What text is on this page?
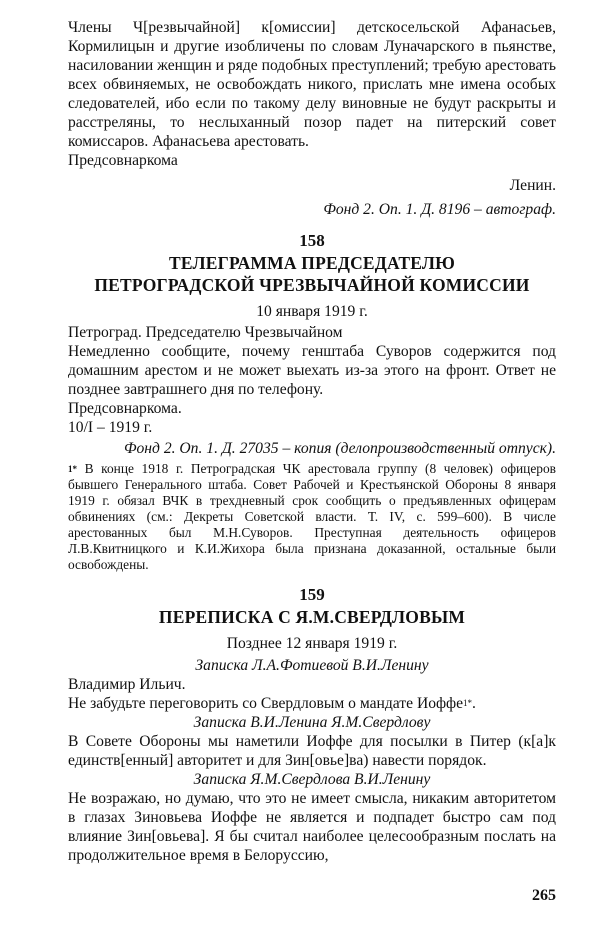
Члены Ч[резвычайной] к[омиссии] детскосельской Афанасьев, Кормилицын и другие изобличены по словам Луначарского в пьянстве, насиловании женщин и ряде подобных преступлений; требую арестовать всех обвиняемых, не освобождать никого, прислать мне имена особых следователей, ибо если по такому делу виновные не будут раскрыты и расстреляны, то неслыханный позор падет на питерский совет комиссаров. Афанасьева арестовать.

Предсовнаркома

Ленин.

Фонд 2. Оп. 1. Д. 8196 – автограф.

158

ТЕЛЕГРАММА ПРЕДСЕДАТЕЛЮ

ПЕТРОГРАДСКОЙ ЧРЕЗВЫЧАЙНОЙ КОМИССИИ

10 января 1919 г.

Петроград. Председателю Чрезвычайном

Немедленно сообщите, почему генштаба Суворов содержится под домашним арестом и не может выехать из-за этого на фронт. Ответ не позднее завтрашнего дня по телефону.

Предсовнаркома.

10/I – 1919 г.

Фонд 2. Оп. 1. Д. 27035 – копия (делопроизводственный отпуск).

$^{1*}$ В конце 1918 г. Петроградская ЧК арестовала группу (8 человек) офицеров бывшего Генерального штаба. Совет Рабочей и Крестьянской Обороны 8 января 1919 г. обязал ВЧК в трехдневный срок сообщить о предъявленных офицерам обвинениях (см.: Декреты Советской власти. Т. IV, с. 599–600). В числе арестованных был М.Н.Суворов. Преступная деятельность офицеров Л.В.Квитницкого и К.И.Жихора была признана доказанной, остальные были освобождены.

159

ПЕРЕПИСКА С Я.М.СВЕРДЛОВЫМ

Позднее 12 января 1919 г.

Записка Л.А.Фотиевой В.И.Ленину

Владимир Ильич.

Не забудьте переговорить со Свердловым о мандате Иоффе$^{1*}$.

Записка В.И.Ленина Я.М.Свердлову

В Совете Обороны мы наметили Иоффе для посылки в Питер (к[а]к единств[енный] авторитет и для Зин[овье]ва) навести порядок.

Записка Я.М.Свердлова В.И.Ленину

Не возражаю, но думаю, что это не имеет смысла, никаким авторитетом в глазах Зиновьева Иоффе не является и подпадет быстро сам под влияние Зин[овьева]. Я бы считал наиболее целесообразным послать на продолжительное время в Белоруссию,

265
